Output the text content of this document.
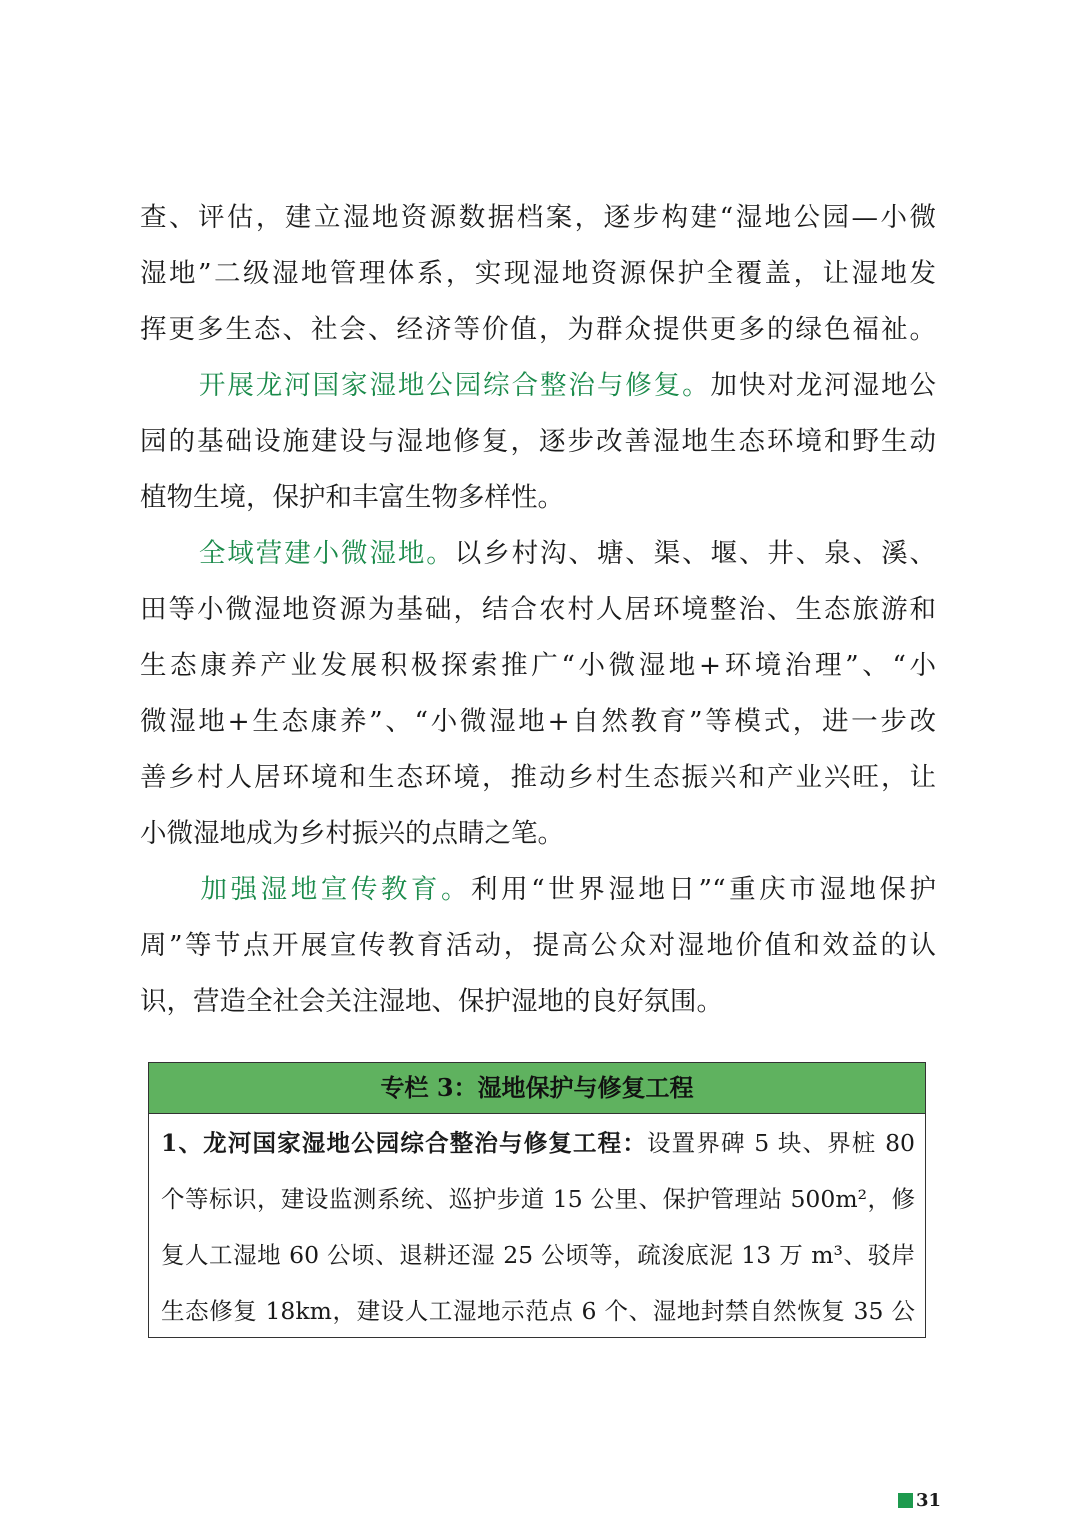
查、评估，建立湿地资源数据档案，逐步构建“湿地公园—小微
湿地”二级湿地管理体系，实现湿地资源保护全覆盖，让湿地发
挥更多生态、社会、经济等价值，为群众提供更多的绿色福祉。
开展龙河国家湿地公园综合整治与修复。加快对龙河湿地公
园的基础设施建设与湿地修复，逐步改善湿地生态环境和野生动
植物生境，保护和丰富生物多样性。
全域营建小微湿地。以乡村沟、塘、渠、堰、井、泉、溪、
田等小微湿地资源为基础，结合农村人居环境整治、生态旅游和
生态康养产业发展积极探索推广“小微湿地+环境治理”、“小
微湿地+生态康养”、“小微湿地+自然教育”等模式，进一步改
善乡村人居环境和生态环境，推动乡村生态振兴和产业兴旺，让
小微湿地成为乡村振兴的点睛之笔。
加强湿地宣传教育。利用“世界湿地日”“重庆市湿地保护
周”等节点开展宣传教育活动，提高公众对湿地价值和效益的认
识，营造全社会关注湿地、保护湿地的良好氛围。
专栏 3：湿地保护与修复工程
1、龙河国家湿地公园综合整治与修复工程：设置界碑 5 块、界桩 80
个等标识，建设监测系统、巡护步道 15 公里、保护管理站 500m²，修
复人工湿地 60 公顷、退耕还湿 25 公顷等，疏浚底泥 13 万 m³、驳岸
生态修复 18km，建设人工湿地示范点 6 个、湿地封禁自然恢复 35 公
31
